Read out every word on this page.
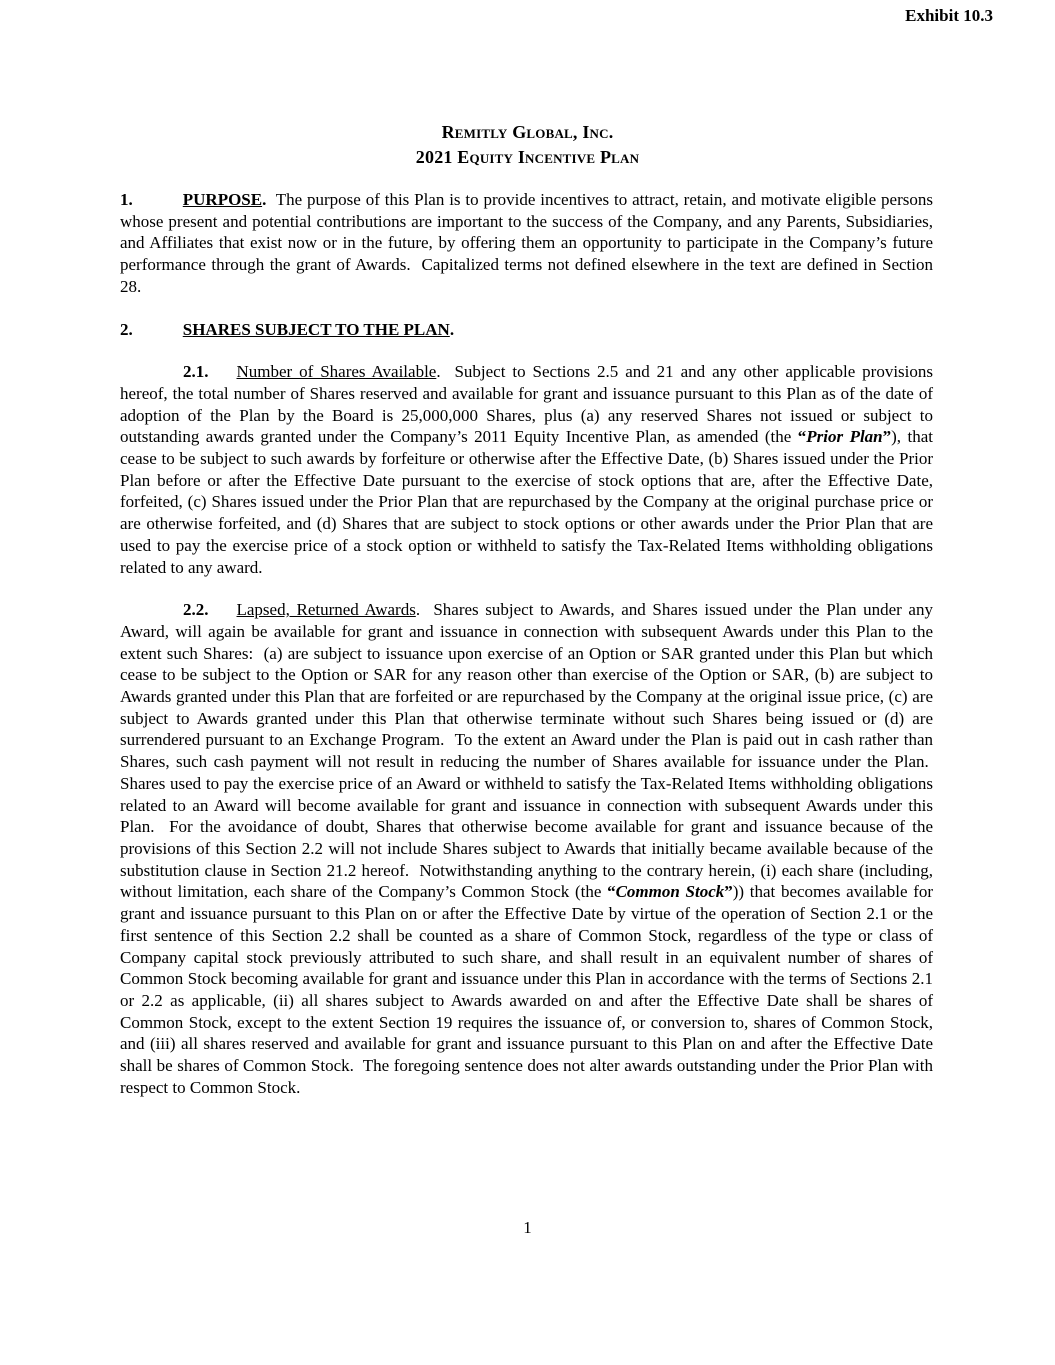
Exhibit 10.3
Remitly Global, Inc.
2021 Equity Incentive Plan

1.	PURPOSE.  The purpose of this Plan is to provide incentives to attract, retain, and motivate eligible persons whose present and potential contributions are important to the success of the Company, and any Parents, Subsidiaries, and Affiliates that exist now or in the future, by offering them an opportunity to participate in the Company’s future performance through the grant of Awards.  Capitalized terms not defined elsewhere in the text are defined in Section 28.

2.	SHARES SUBJECT TO THE PLAN.

2.1. Number of Shares Available.  Subject to Sections 2.5 and 21 and any other applicable provisions hereof, the total number of Shares reserved and available for grant and issuance pursuant to this Plan as of the date of adoption of the Plan by the Board is 25,000,000 Shares, plus (a) any reserved Shares not issued or subject to outstanding awards granted under the Company’s 2011 Equity Incentive Plan, as amended (the “Prior Plan”), that cease to be subject to such awards by forfeiture or otherwise after the Effective Date, (b) Shares issued under the Prior Plan before or after the Effective Date pursuant to the exercise of stock options that are, after the Effective Date, forfeited, (c) Shares issued under the Prior Plan that are repurchased by the Company at the original purchase price or are otherwise forfeited, and (d) Shares that are subject to stock options or other awards under the Prior Plan that are used to pay the exercise price of a stock option or withheld to satisfy the Tax-Related Items withholding obligations related to any award.

2.2. Lapsed, Returned Awards.  Shares subject to Awards, and Shares issued under the Plan under any Award, will again be available for grant and issuance in connection with subsequent Awards under this Plan to the extent such Shares:  (a) are subject to issuance upon exercise of an Option or SAR granted under this Plan but which cease to be subject to the Option or SAR for any reason other than exercise of the Option or SAR, (b) are subject to Awards granted under this Plan that are forfeited or are repurchased by the Company at the original issue price, (c) are subject to Awards granted under this Plan that otherwise terminate without such Shares being issued or (d) are surrendered pursuant to an Exchange Program.  To the extent an Award under the Plan is paid out in cash rather than Shares, such cash payment will not result in reducing the number of Shares available for issuance under the Plan.  Shares used to pay the exercise price of an Award or withheld to satisfy the Tax-Related Items withholding obligations related to an Award will become available for grant and issuance in connection with subsequent Awards under this Plan.  For the avoidance of doubt, Shares that otherwise become available for grant and issuance because of the provisions of this Section 2.2 will not include Shares subject to Awards that initially became available because of the substitution clause in Section 21.2 hereof.  Notwithstanding anything to the contrary herein, (i) each share (including, without limitation, each share of the Company’s Common Stock (the “Common Stock”)) that becomes available for grant and issuance pursuant to this Plan on or after the Effective Date by virtue of the operation of Section 2.1 or the first sentence of this Section 2.2 shall be counted as a share of Common Stock, regardless of the type or class of Company capital stock previously attributed to such share, and shall result in an equivalent number of shares of Common Stock becoming available for grant and issuance under this Plan in accordance with the terms of Sections 2.1 or 2.2 as applicable, (ii) all shares subject to Awards awarded on and after the Effective Date shall be shares of Common Stock, except to the extent Section 19 requires the issuance of, or conversion to, shares of Common Stock, and (iii) all shares reserved and available for grant and issuance pursuant to this Plan on and after the Effective Date shall be shares of Common Stock.  The foregoing sentence does not alter awards outstanding under the Prior Plan with respect to Common Stock.

1
